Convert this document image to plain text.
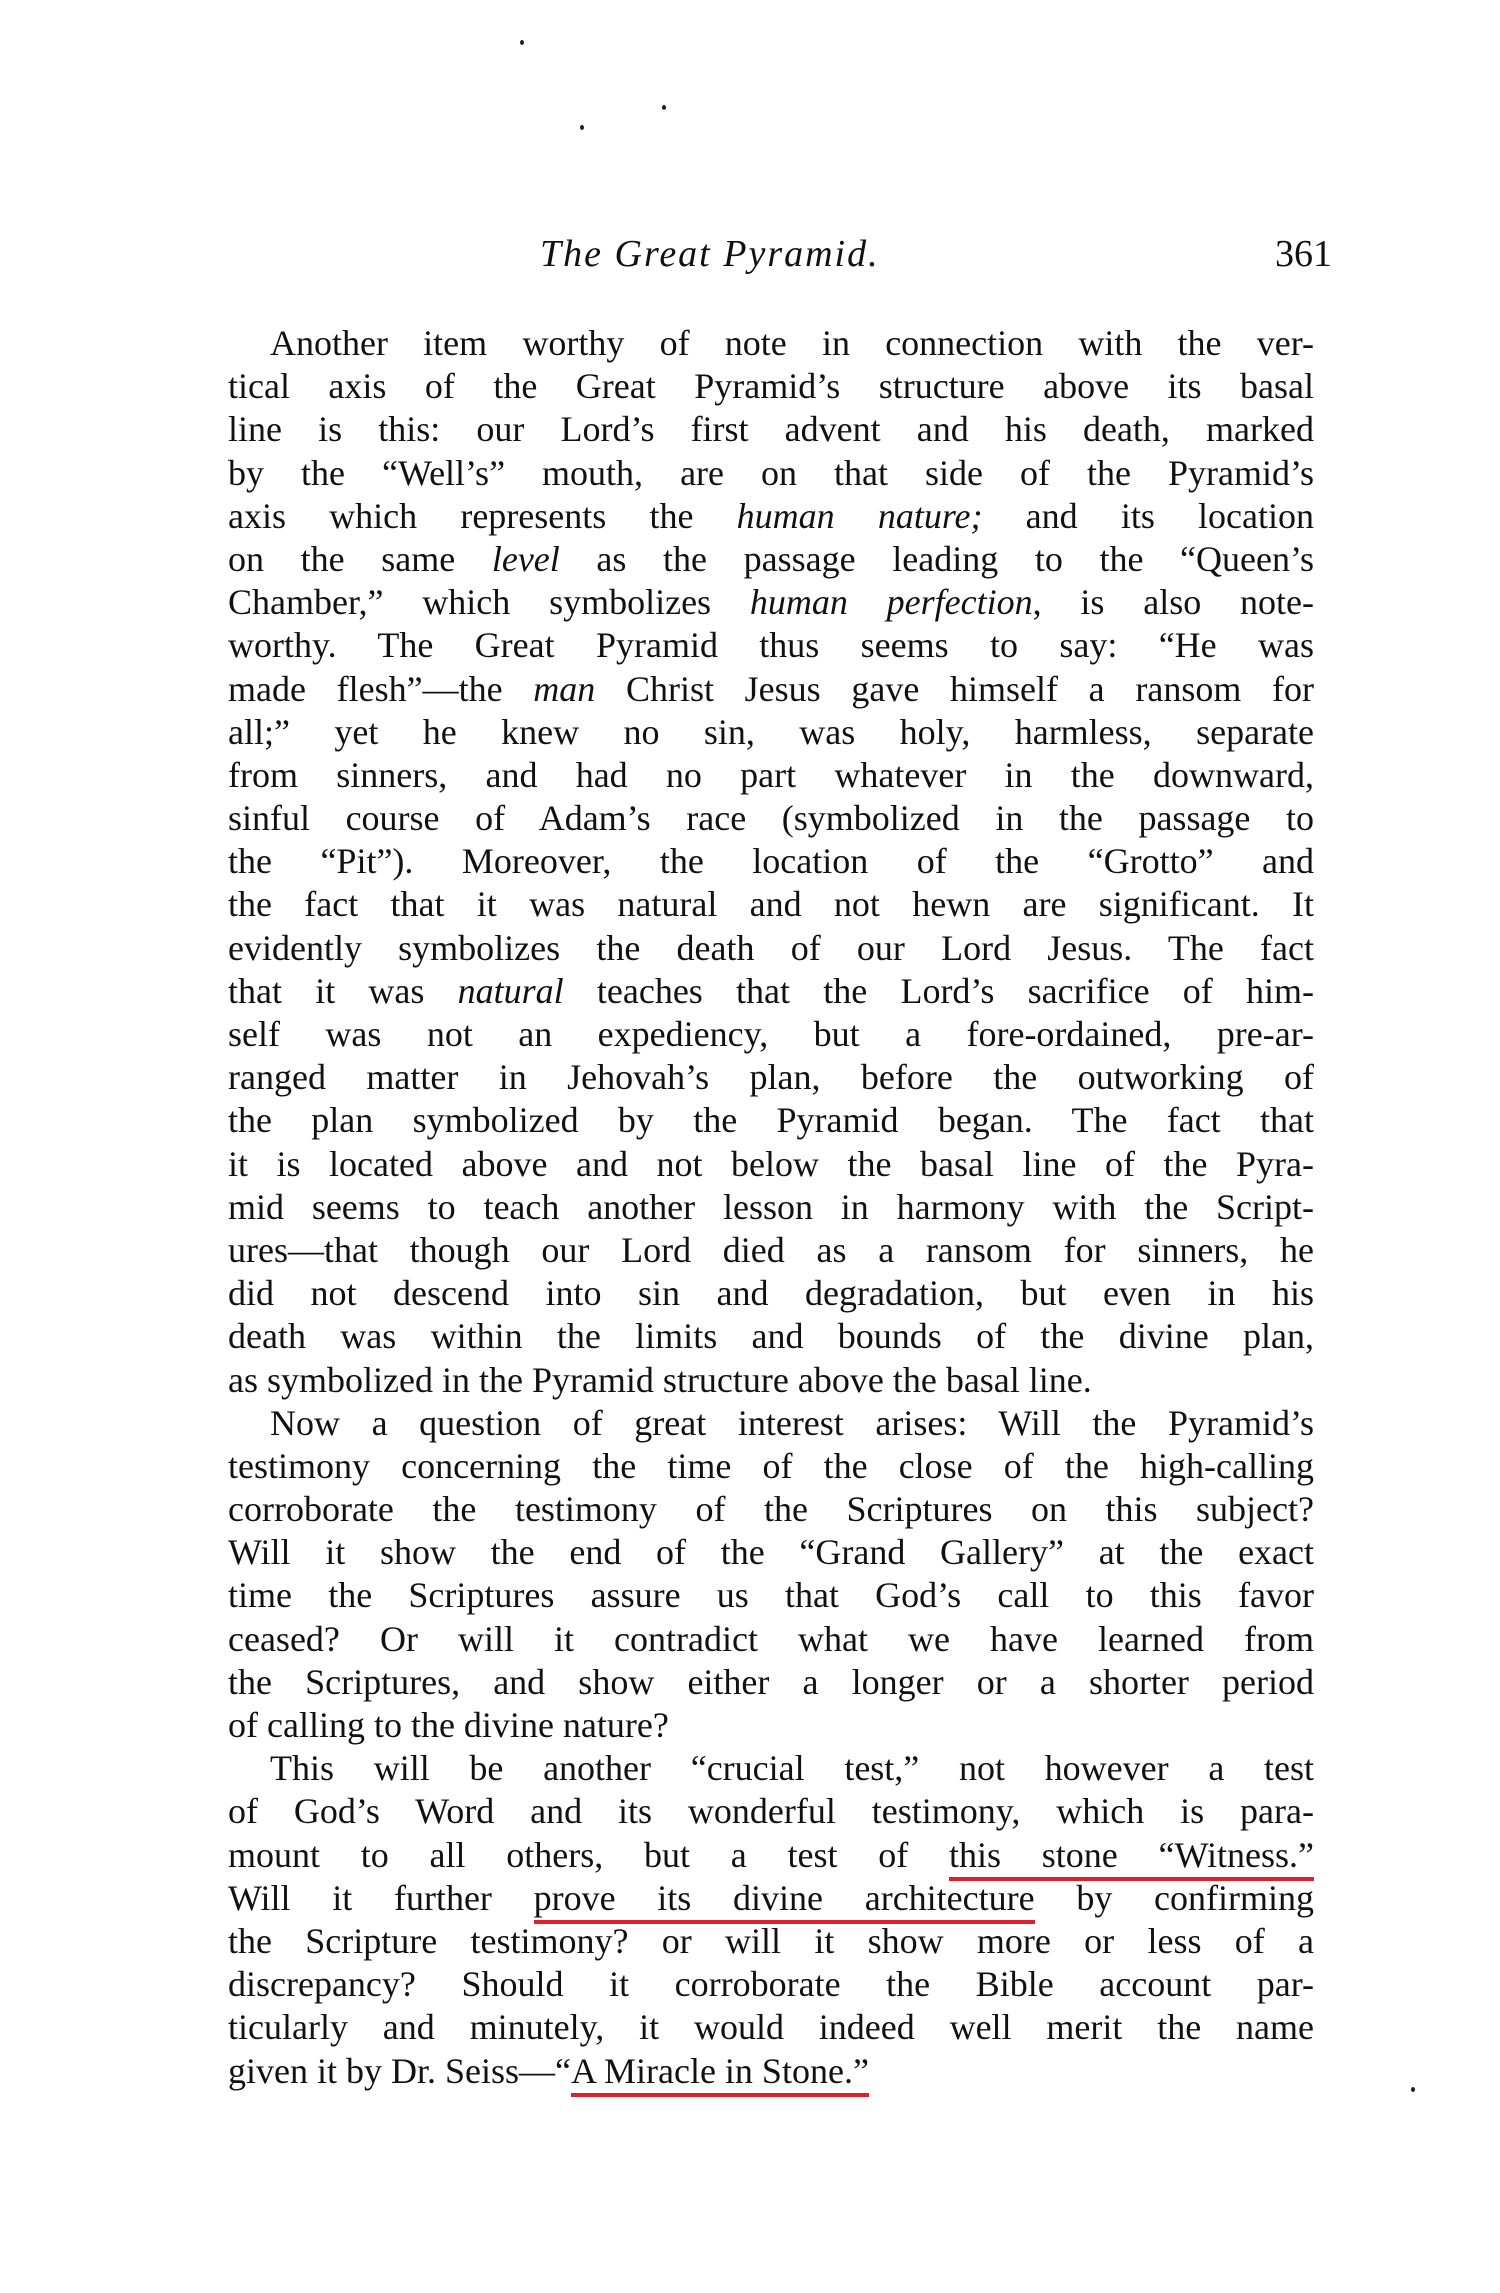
The Great Pyramid.	361
Another item worthy of note in connection with the ver-
tical axis of the Great Pyramid’s structure above its basal
line is this: our Lord’s first advent and his death, marked
by the “Well’s” mouth, are on that side of the Pyramid’s
axis which represents the human nature; and its location
on the same level as the passage leading to the “Queen’s
Chamber,” which symbolizes human perfection, is also note-
worthy. The Great Pyramid thus seems to say: “He was
made flesh”—the man Christ Jesus gave himself a ransom for
all;” yet he knew no sin, was holy, harmless, separate
from sinners, and had no part whatever in the downward,
sinful course of Adam’s race (symbolized in the passage to
the “Pit”). Moreover, the location of the “Grotto” and
the fact that it was natural and not hewn are significant. It
evidently symbolizes the death of our Lord Jesus. The fact
that it was natural teaches that the Lord’s sacrifice of him-
self was not an expediency, but a fore-ordained, pre-ar-
ranged matter in Jehovah’s plan, before the outworking of
the plan symbolized by the Pyramid began. The fact that
it is located above and not below the basal line of the Pyra-
mid seems to teach another lesson in harmony with the Script-
ures—that though our Lord died as a ransom for sinners, he
did not descend into sin and degradation, but even in his
death was within the limits and bounds of the divine plan,
as symbolized in the Pyramid structure above the basal line.
Now a question of great interest arises: Will the Pyramid’s
testimony concerning the time of the close of the high-calling
corroborate the testimony of the Scriptures on this subject?
Will it show the end of the “Grand Gallery” at the exact
time the Scriptures assure us that God’s call to this favor
ceased? Or will it contradict what we have learned from
the Scriptures, and show either a longer or a shorter period
of calling to the divine nature?
This will be another “crucial test,” not however a test
of God’s Word and its wonderful testimony, which is para-
mount to all others, but a test of this stone “Witness.”
Will it further prove its divine architecture by confirming
the Scripture testimony? or will it show more or less of a
discrepancy? Should it corroborate the Bible account par-
ticularly and minutely, it would indeed well merit the name
given it by Dr. Seiss—“A Miracle in Stone.”
